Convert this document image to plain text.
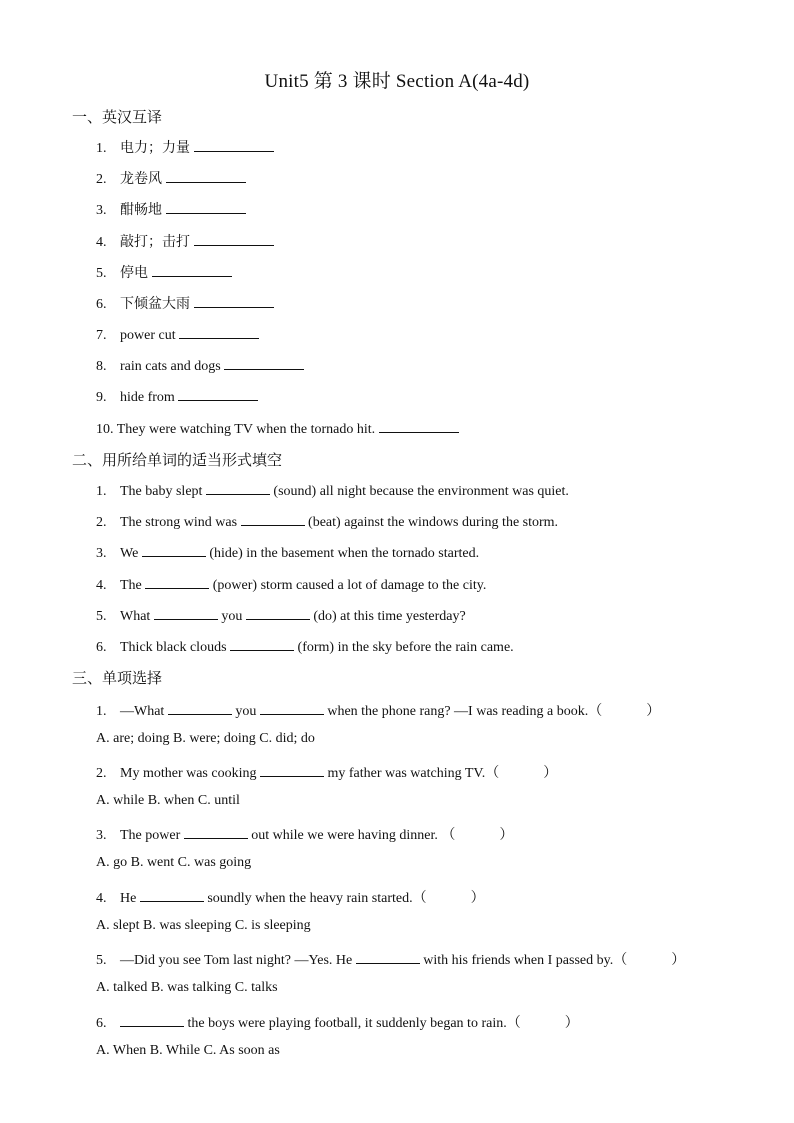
Unit5 第 3 课时 Section A(4a-4d)
一、英汉互译
1. 电力；力量
2. 龙卷风
3. 酣畅地
4. 敲打；击打
5. 停电
6. 下倾盆大雨
7. power cut
8. rain cats and dogs
9. hide from
10. They were watching TV when the tornado hit.
二、用所给单词的适当形式填空
1. The baby slept	(sound) all night because the environment was quiet.
2. The strong wind was	(beat) against the windows during the storm.
3. We	(hide) in the basement when the tornado started.
4. The	(power) storm caused a lot of damage to the city.
5. What	you	(do) at this time yesterday?
6. Thick black clouds	(form) in the sky before the rain came.
三、单项选择
1. —What	you	when the phone rang? —I was reading a book.（	）
A. are; doing B. were; doing C. did; do
2. My mother was cooking	my father was watching TV.（	）
A. while B. when C. until
3. The power	out while we were having dinner. （	）
A. go B. went C. was going
4. He	soundly when the heavy rain started.（	）
A. slept B. was sleeping C. is sleeping
5. —Did you see Tom last night? —Yes. He	with his friends when I passed by.（	）
A. talked B. was talking C. talks
6.	the boys were playing football, it suddenly began to rain.（	）
A. When B. While C. As soon as
